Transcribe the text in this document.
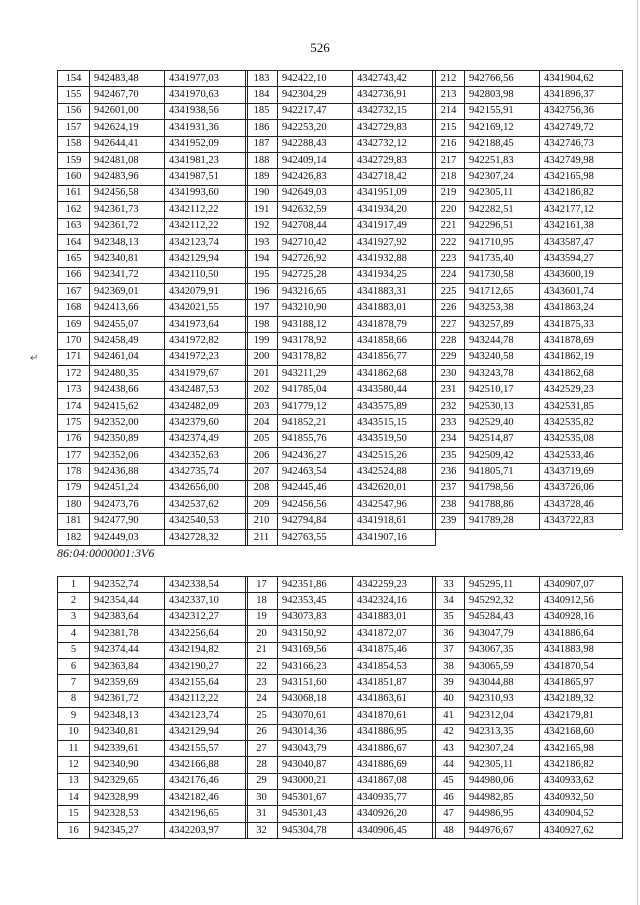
526
↵
154	942483,48	4341977,03
155	942467,70	4341970,63
156	942601,00	4341938,56
157	942624,19	4341931,36
158	942644,41	4341952,09
159	942481,08	4341981,23
160	942483,96	4341987,51
161	942456,58	4341993,60
162	942361,73	4342112,22
163	942361,72	4342112,22
164	942348,13	4342123,74
165	942340,81	4342129,94
166	942341,72	4342110,50
167	942369,01	4342079,91
168	942413,66	4342021,55
169	942455,07	4341973,64
170	942458,49	4341972,82
171	942461,04	4341972,23
172	942480,35	4341979,67
173	942438,66	4342487,53
174	942415,62	4342482,09
175	942352,00	4342379,60
176	942350,89	4342374,49
177	942352,06	4342352,63
178	942436,88	4342735,74
179	942451,24	4342656,00
180	942473,76	4342537,62
181	942477,90	4342540,53
182	942449,03	4342728,32
183	942422,10	4342743,42
184	942304,29	4342736,91
185	942217,47	4342732,15
186	942253,20	4342729,83
187	942288,43	4342732,12
188	942409,14	4342729,83
189	942426,83	4342718,42
190	942649,03	4341951,09
191	942632,59	4341934,20
192	942708,44	4341917,49
193	942710,42	4341927,92
194	942726,92	4341932,88
195	942725,28	4341934,25
196	943216,65	4341883,31
197	943210,90	4341883,01
198	943188,12	4341878,79
199	943178,92	4341858,66
200	943178,82	4341856,77
201	943211,29	4341862,68
202	941785,04	4343580,44
203	941779,12	4343575,89
204	941852,21	4343515,15
205	941855,76	4343519,50
206	942436,27	4342515,26
207	942463,54	4342524,88
208	942445,46	4342620,01
209	942456,56	4342547,96
210	942794,84	4341918,61
211	942763,55	4341907,16
212	942766,56	4341904,62
213	942803,98	4341896,37
214	942155,91	4342756,36
215	942169,12	4342749,72
216	942188,45	4342746,73
217	942251,83	4342749,98
218	942307,24	4342165,98
219	942305,11	4342186,82
220	942282,51	4342177,12
221	942296,51	4342161,38
222	941710,95	4343587,47
223	941735,40	4343594,27
224	941730,58	4343600,19
225	941712,65	4343601,74
226	943253,38	4341863,24
227	943257,89	4341875,33
228	943244,78	4341878,69
229	943240,58	4341862,19
230	943243,78	4341862,68
231	942510,17	4342529,23
232	942530,13	4342531,85
233	942529,40	4342535,82
234	942514,87	4342535,08
235	942509,42	4342533,46
236	941805,71	4343719,69
237	941798,56	4343726,06
238	941788,86	4343728,46
239	941789,28	4343722,83
86:04:0000001:3V6
1	942352,74	4342338,54
2	942354,44	4342337,10
3	942383,64	4342312,27
4	942381,78	4342256,64
5	942374,44	4342194,82
6	942363,84	4342190,27
7	942359,69	4342155,64
8	942361,72	4342112,22
9	942348,13	4342123,74
10	942340,81	4342129,94
11	942339,61	4342155,57
12	942340,90	4342166,88
13	942329,65	4342176,46
14	942328,99	4342182,46
15	942328,53	4342196,65
16	942345,27	4342203,97
17	942351,86	4342259,23
18	942353,45	4342324,16
19	943073,83	4341883,01
20	943150,92	4341872,07
21	943169,56	4341875,46
22	943166,23	4341854,53
23	943151,60	4341851,87
24	943068,18	4341863,61
25	943070,61	4341870,61
26	943014,36	4341886,95
27	943043,79	4341886,67
28	943040,87	4341886,69
29	943000,21	4341867,08
30	945301,67	4340935,77
31	945301,43	4340926,20
32	945304,78	4340906,45
33	945295,11	4340907,07
34	945292,32	4340912,56
35	945284,43	4340928,16
36	943047,79	4341886,64
37	943067,35	4341883,98
38	943065,59	4341870,54
39	943044,88	4341865,97
40	942310,93	4342189,32
41	942312,04	4342179,81
42	942313,35	4342168,60
43	942307,24	4342165,98
44	942305,11	4342186,82
45	944980,06	4340933,62
46	944982,85	4340932,50
47	944986,95	4340904,52
48	944976,67	4340927,62
